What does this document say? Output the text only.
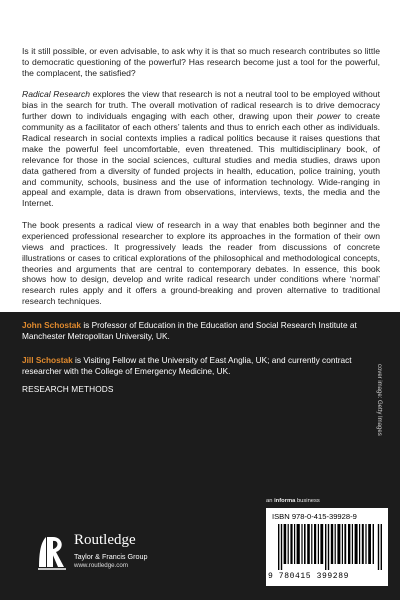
Is it still possible, or even advisable, to ask why it is that so much research contributes so little to democratic questioning of the powerful? Has research become just a tool for the powerful, the complacent, the satisfied?

Radical Research explores the view that research is not a neutral tool to be employed without bias in the search for truth. The overall motivation of radical research is to drive democracy further down to individuals engaging with each other, drawing upon their power to create community as a facilitator of each others’ talents and thus to enrich each other as individuals. Radical research in social contexts implies a radical politics because it raises questions that make the powerful feel uncomfortable, even threatened. This multidisciplinary book, of relevance for those in the social sciences, cultural studies and media studies, draws upon data gathered from a diversity of funded projects in health, education, police training, youth and community, schools, business and the use of information technology. Wide-ranging in appeal and example, data is drawn from observations, interviews, texts, the media and the Internet.

The book presents a radical view of research in a way that enables both beginner and the experienced professional researcher to explore its approaches in the formation of their own views and practices. It progressively leads the reader from discussions of concrete illustrations or cases to critical explorations of the philosophical and methodological concepts, theories and arguments that are central to contemporary debates. In essence, this book shows how to design, develop and write radical research under conditions where ‘normal’ research rules apply and it offers a ground-breaking and proven alternative to traditional research techniques.

John Schostak is Professor of Education in the Education and Social Research Institute at Manchester Metropolitan University, UK.

Jill Schostak is Visiting Fellow at the University of East Anglia, UK; and currently contract researcher with the College of Emergency Medicine, UK.

RESEARCH METHODS	cover image: Getty Images
Routledge
Taylor & Francis Group
www.routledge.com
an informa business
ISBN 978-0-415-39928-9
9 780415 399289
